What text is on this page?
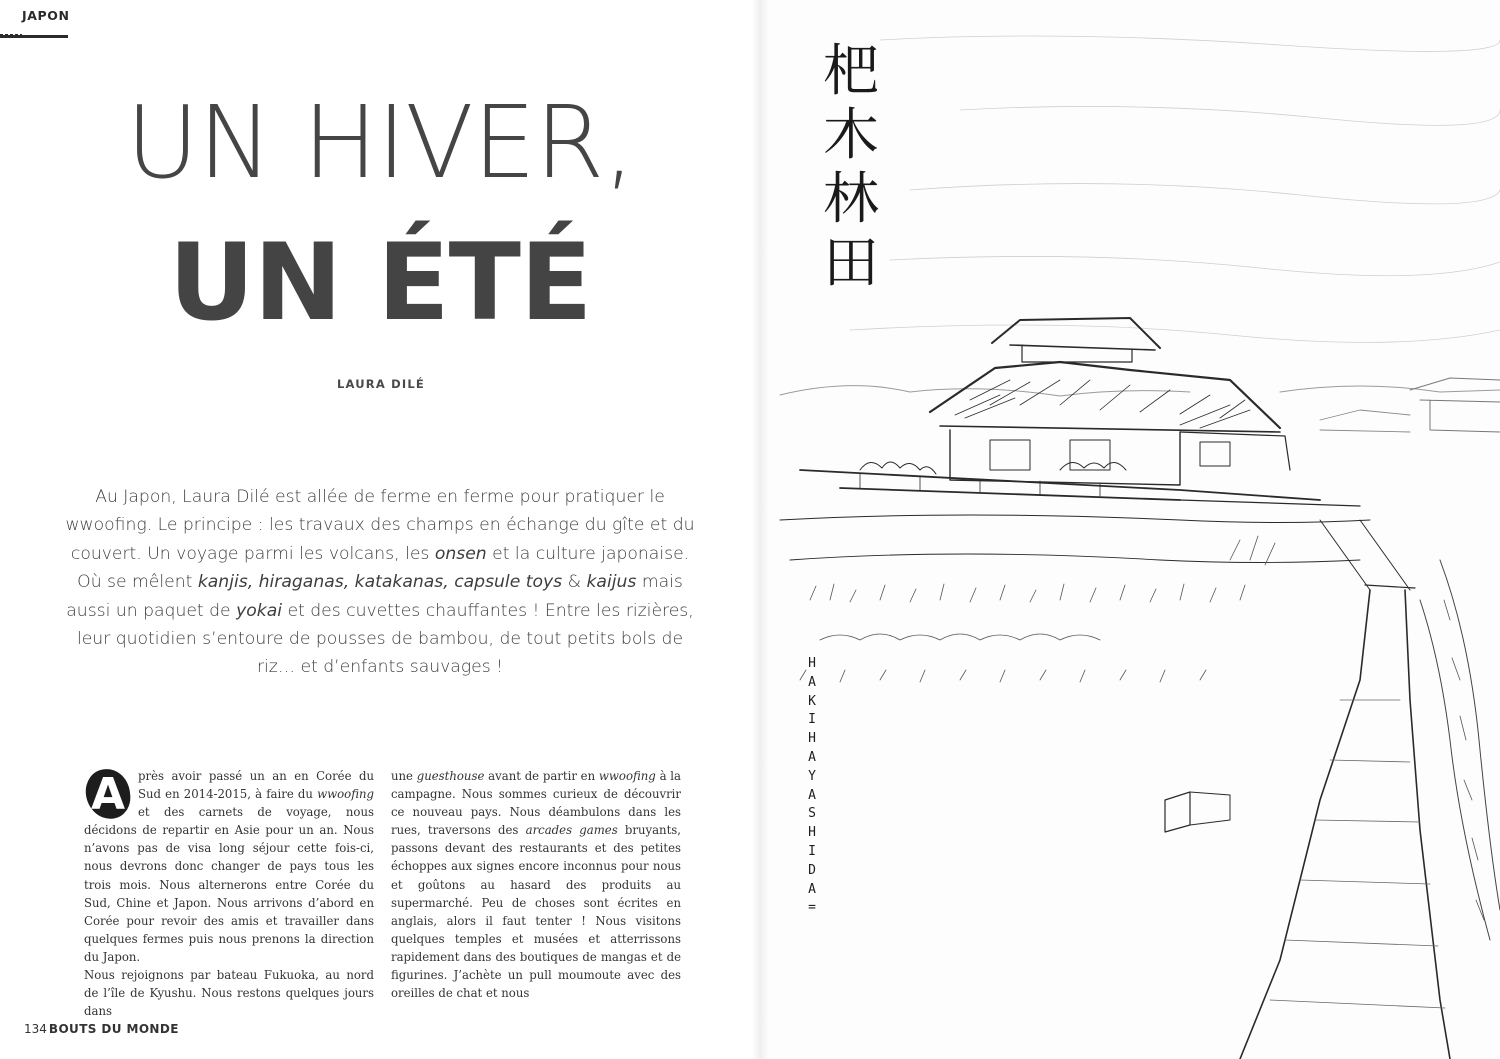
JAPON
UN HIVER,
UN ÉTÉ
LAURA DILÉ

Au Japon, Laura Dilé est allée de ferme en ferme pour pratiquer le wwoofing. Le principe : les travaux des champs en échange du gîte et du couvert. Un voyage parmi les volcans, les onsen et la culture japonaise. Où se mêlent kanjis, hiraganas, katakanas, capsule toys & kaijus mais aussi un paquet de yokai et des cuvettes chauffantes ! Entre les rizières, leur quotidien s’entoure de pousses de bambou, de tout petits bols de riz… et d’enfants sauvages !

A	près avoir passé un an en Corée du Sud en 2014-2015, à faire du wwoofing et des carnets de voyage, nous décidons de repartir en Asie pour un an. Nous n’avons pas de visa long séjour cette fois-ci, nous devrons donc changer de pays tous les trois mois. Nous alternerons entre Corée du Sud, Chine et Japon. Nous arrivons d’abord en Corée pour revoir des amis et travailler dans quelques fermes puis nous prenons la direction du Japon.

Nous rejoignons par bateau Fukuoka, au nord de l’île de Kyushu. Nous restons quelques jours dans

une guesthouse avant de partir en wwoofing à la campagne. Nous sommes curieux de découvrir ce nouveau pays. Nous déambulons dans les rues, traversons des arcades games bruyants, passons devant des restaurants et des petites échoppes aux signes encore inconnus pour nous et goûtons au hasard des produits au supermarché. Peu de choses sont écrites en anglais, alors il faut tenter ! Nous visitons quelques temples et musées et atterrissons rapidement dans des boutiques de mangas et de figurines. J’achète un pull moumoute avec des oreilles de chat et nous

134 BOUTS DU MONDE
杷
木
林
田
H
A
K
I
H
A
Y
A
S
H
I
D
A
=
